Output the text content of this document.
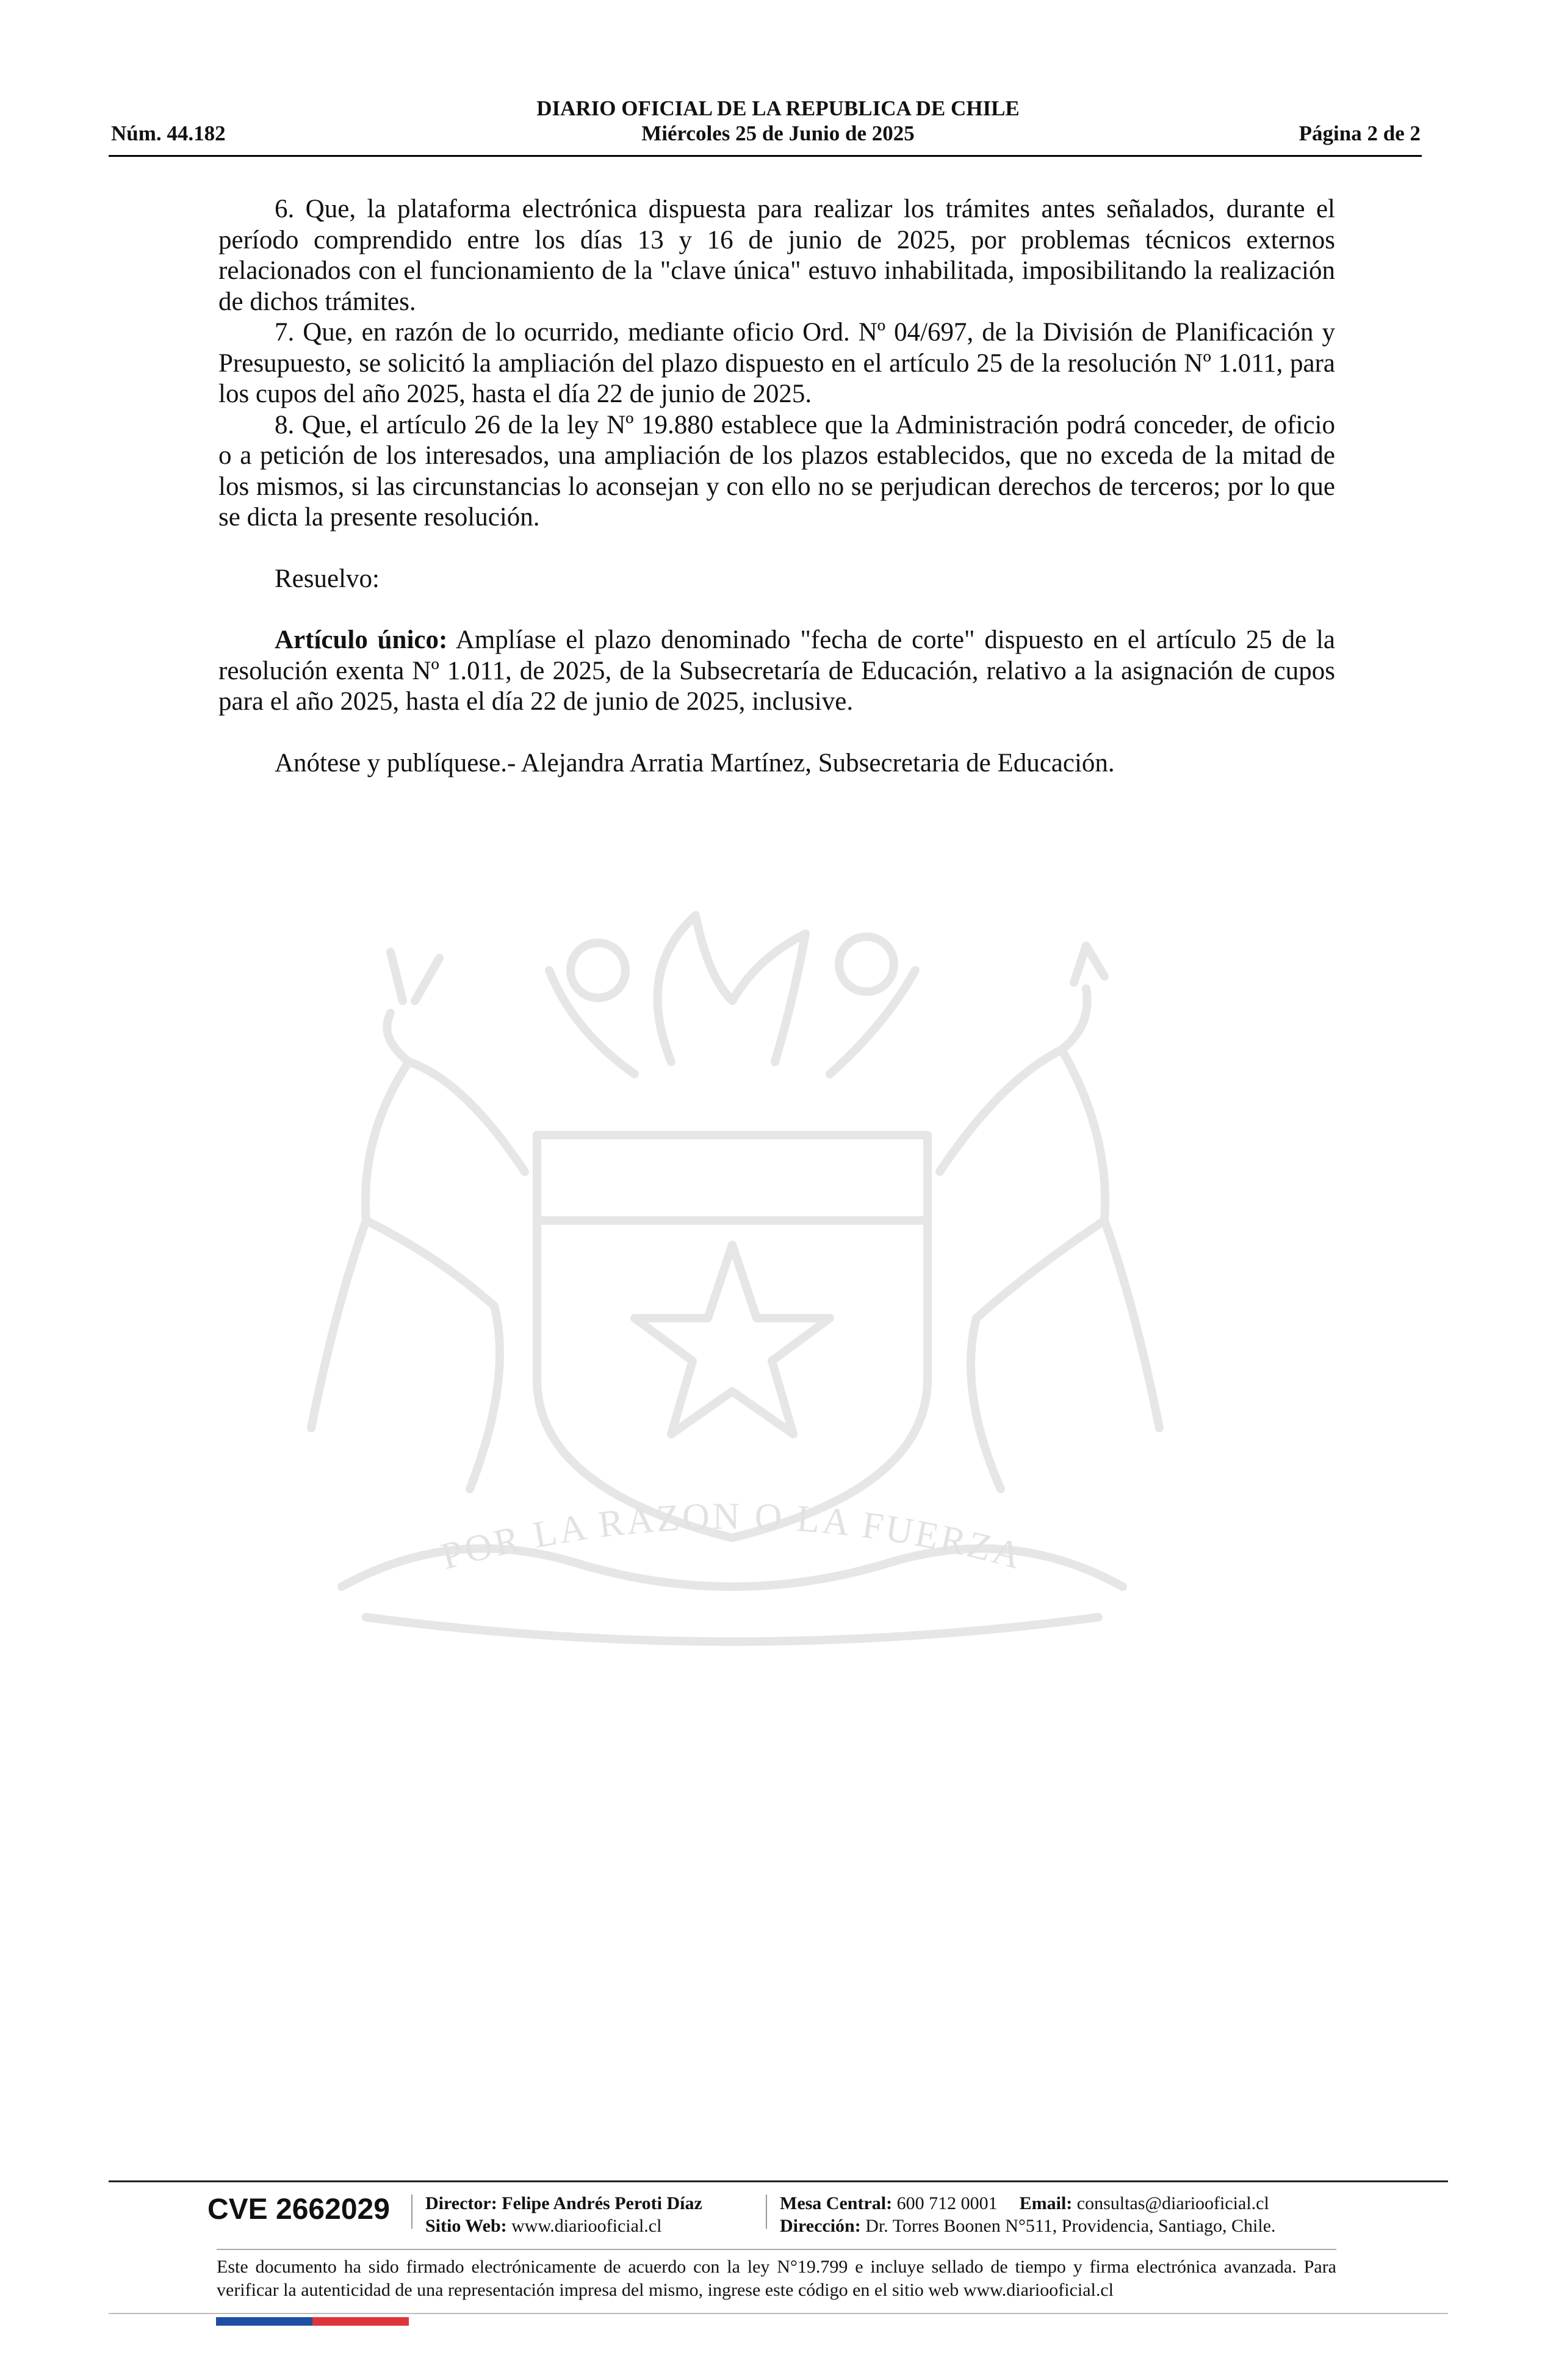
DIARIO OFICIAL DE LA REPUBLICA DE CHILE
Núm. 44.182	Miércoles 25 de Junio de 2025	Página 2 de 2
POR LA RAZON O LA FUERZA

6. Que, la plataforma electrónica dispuesta para realizar los trámites antes señalados, durante el período comprendido entre los días 13 y 16 de junio de 2025, por problemas técnicos externos relacionados con el funcionamiento de la "clave única" estuvo inhabilitada, imposibilitando la realización de dichos trámites.

7. Que, en razón de lo ocurrido, mediante oficio Ord. Nº 04/697, de la División de Planificación y Presupuesto, se solicitó la ampliación del plazo dispuesto en el artículo 25 de la resolución Nº 1.011, para los cupos del año 2025, hasta el día 22 de junio de 2025.

8. Que, el artículo 26 de la ley Nº 19.880 establece que la Administración podrá conceder, de oficio o a petición de los interesados, una ampliación de los plazos establecidos, que no exceda de la mitad de los mismos, si las circunstancias lo aconsejan y con ello no se perjudican derechos de terceros; por lo que se dicta la presente resolución.

Resuelvo:

Artículo único: Amplíase el plazo denominado "fecha de corte" dispuesto en el artículo 25 de la resolución exenta Nº 1.011, de 2025, de la Subsecretaría de Educación, relativo a la asignación de cupos para el año 2025, hasta el día 22 de junio de 2025, inclusive.

Anótese y publíquese.- Alejandra Arratia Martínez, Subsecretaria de Educación.

CVE 2662029 Director: Felipe Andrés Peroti Díaz
Sitio Web: www.diariooficial.cl
Mesa Central: 600 712 0001 Email: consultas@diariooficial.cl
Dirección: Dr. Torres Boonen N°511, Providencia, Santiago, Chile.
Este documento ha sido firmado electrónicamente de acuerdo con la ley N°19.799 e incluye sellado de tiempo y firma electrónica avanzada. Para verificar la autenticidad de una representación impresa del mismo, ingrese este código en el sitio web www.diariooficial.cl
